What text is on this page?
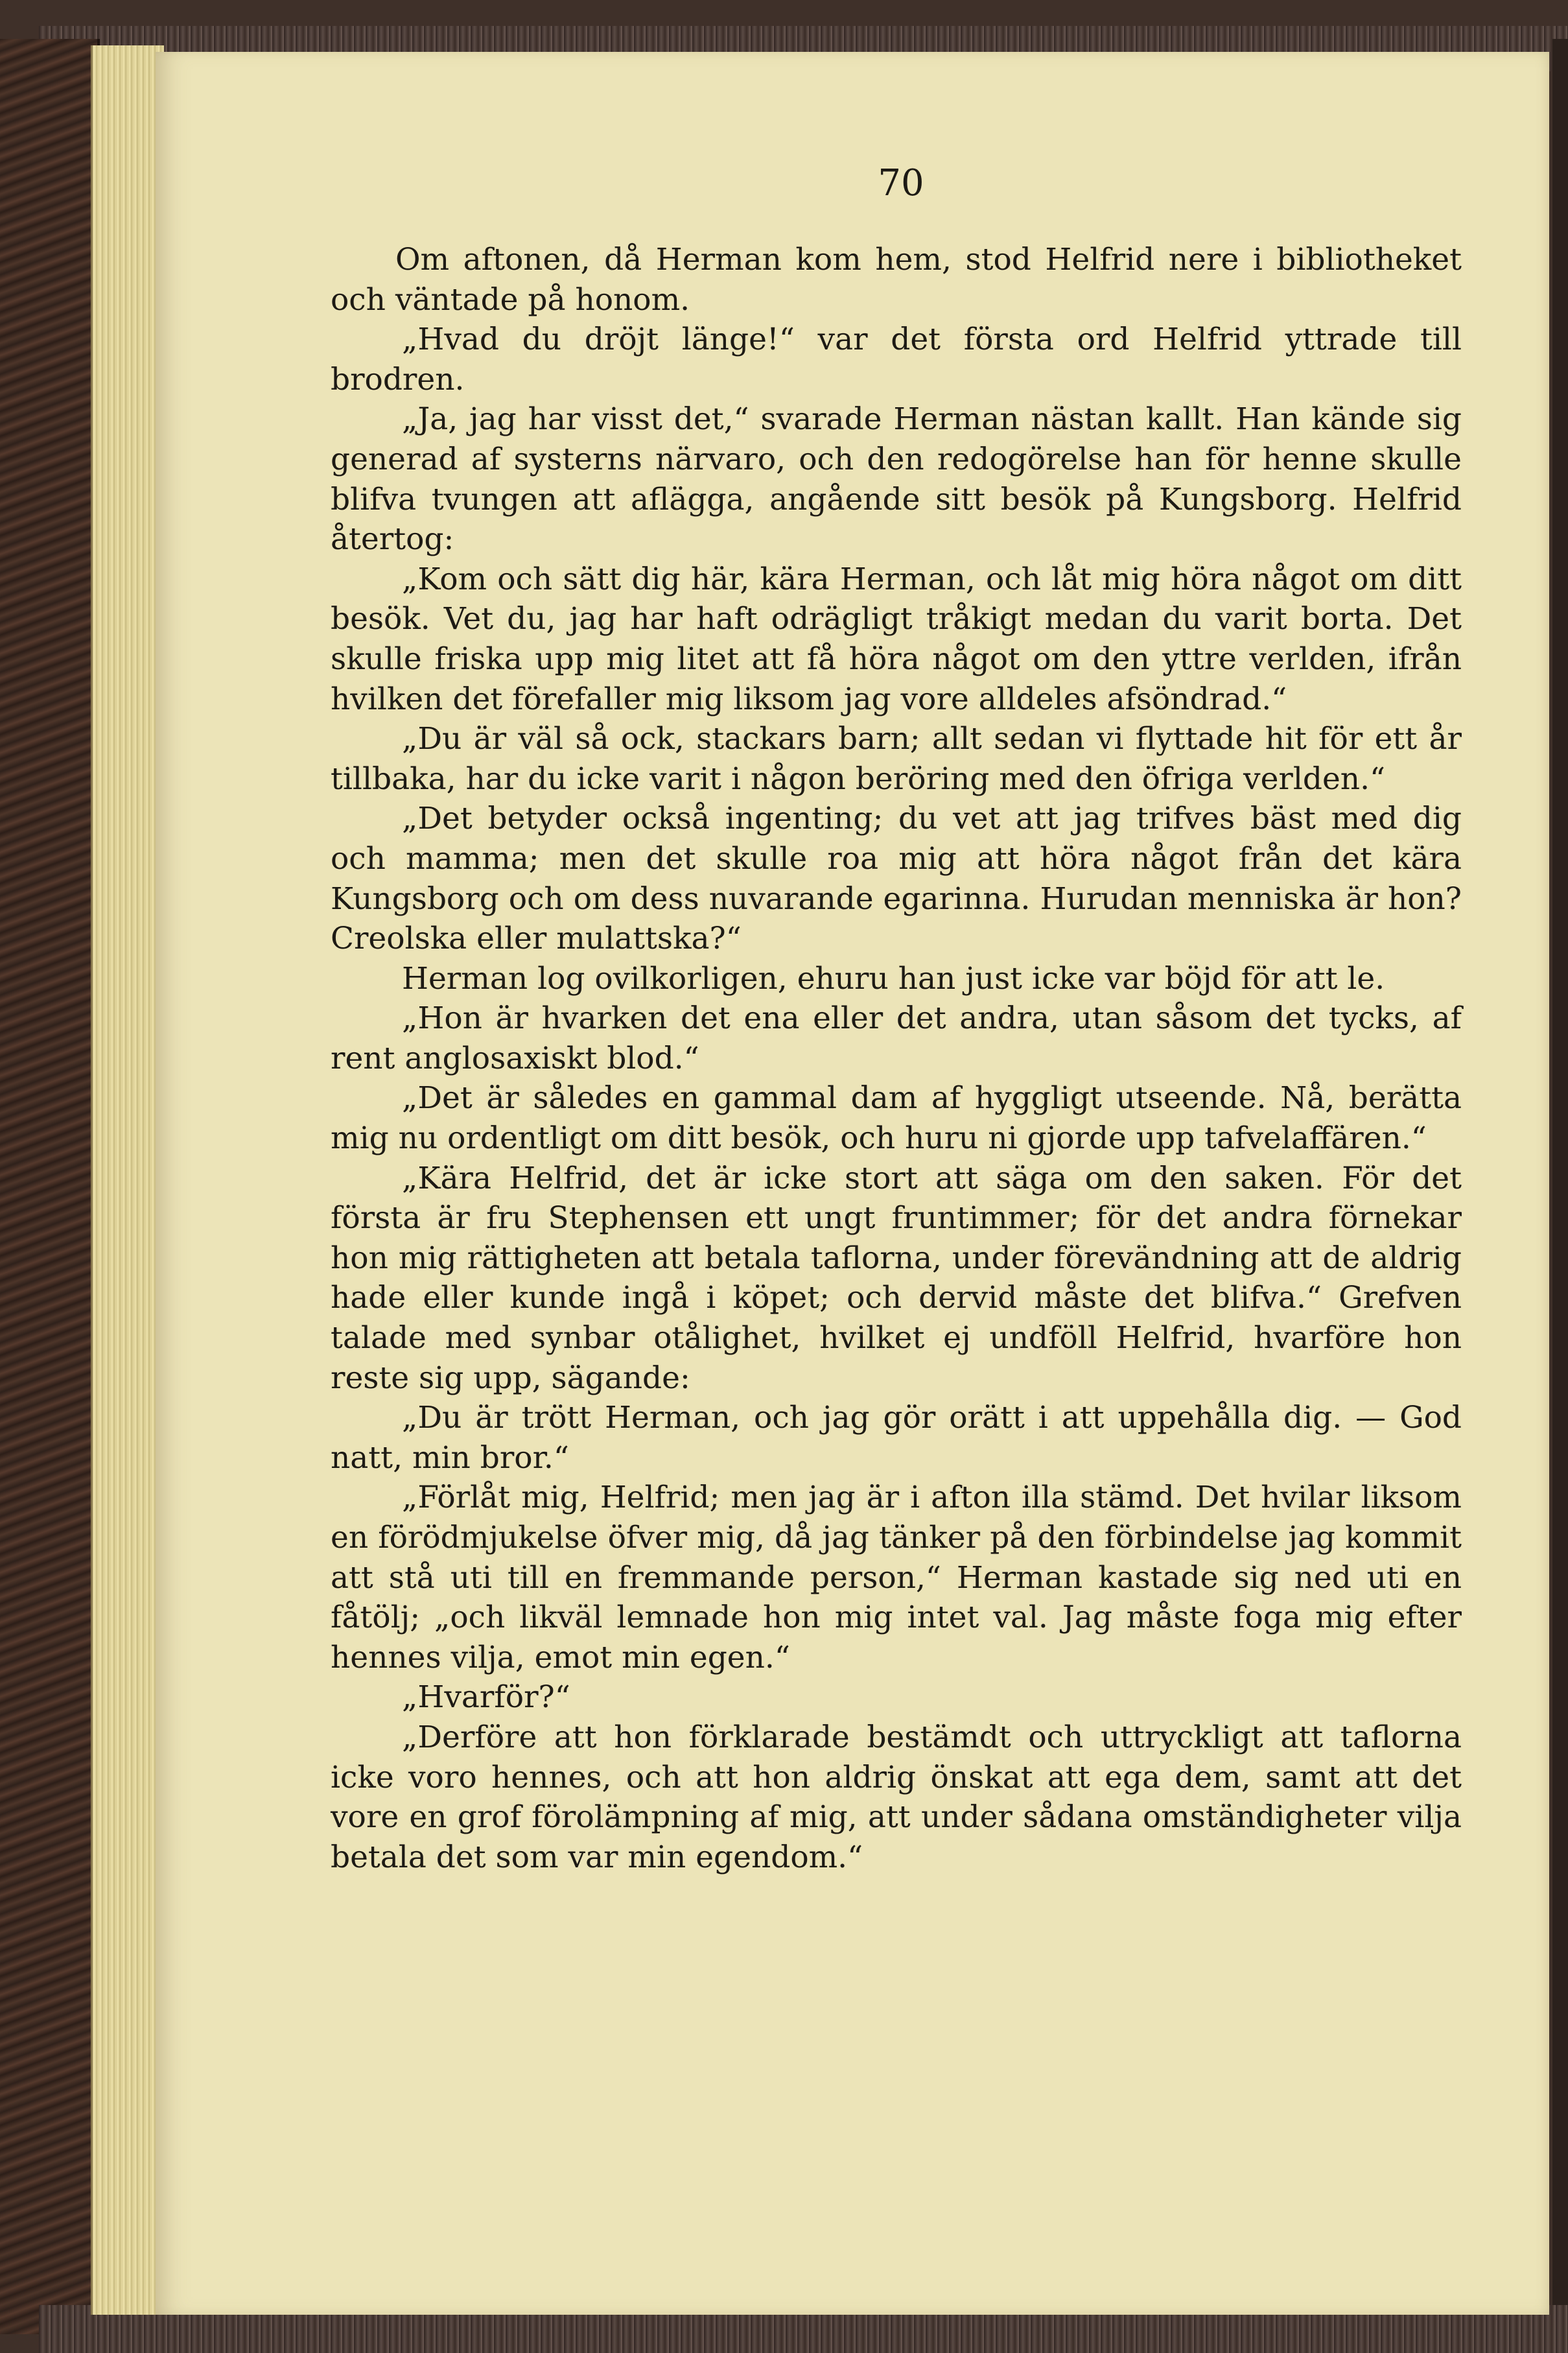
70

Om aftonen, då Herman kom hem, stod Helfrid nere i bibliotheket och väntade på honom.

„Hvad du dröjt länge!“ var det första ord Helfrid yttrade till brodren.

„Ja, jag har visst det,“ svarade Herman nästan kallt. Han kände sig generad af systerns närvaro, och den redogörelse han för henne skulle blifva tvungen att aflägga, angående sitt besök på Kungsborg. Helfrid återtog:

„Kom och sätt dig här, kära Herman, och låt mig höra något om ditt besök. Vet du, jag har haft odrägligt tråkigt medan du varit borta. Det skulle friska upp mig litet att få höra något om den yttre verlden, ifrån hvilken det förefaller mig liksom jag vore alldeles afsöndrad.“

„Du är väl så ock, stackars barn; allt sedan vi flyttade hit för ett år tillbaka, har du icke varit i någon beröring med den öfriga verlden.“

„Det betyder också ingenting; du vet att jag trifves bäst med dig och mamma; men det skulle roa mig att höra något från det kära Kungsborg och om dess nuvarande egarinna. Hurudan menniska är hon? Creolska eller mulattska?“

Herman log ovilkorligen, ehuru han just icke var böjd för att le.

„Hon är hvarken det ena eller det andra, utan såsom det tycks, af rent anglosaxiskt blod.“

„Det är således en gammal dam af hyggligt utseende. Nå, berätta mig nu ordentligt om ditt besök, och huru ni gjorde upp tafvelaffären.“

„Kära Helfrid, det är icke stort att säga om den saken. För det första är fru Stephensen ett ungt fruntimmer; för det andra förnekar hon mig rättigheten att betala taflorna, under förevändning att de aldrig hade eller kunde ingå i köpet; och dervid måste det blifva.“ Grefven talade med synbar otålighet, hvilket ej undföll Helfrid, hvarföre hon reste sig upp, sägande:

„Du är trött Herman, och jag gör orätt i att uppehålla dig. — God natt, min bror.“

„Förlåt mig, Helfrid; men jag är i afton illa stämd. Det hvilar liksom en förödmjukelse öfver mig, då jag tänker på den förbindelse jag kommit att stå uti till en fremmande person,“ Herman kastade sig ned uti en fåtölj; „och likväl lemnade hon mig intet val. Jag måste foga mig efter hennes vilja, emot min egen.“

„Hvarför?“

„Derföre att hon förklarade bestämdt och uttryckligt att taflorna icke voro hennes, och att hon aldrig önskat att ega dem, samt att det vore en grof förolämpning af mig, att under sådana omständigheter vilja betala det som var min egendom.“
